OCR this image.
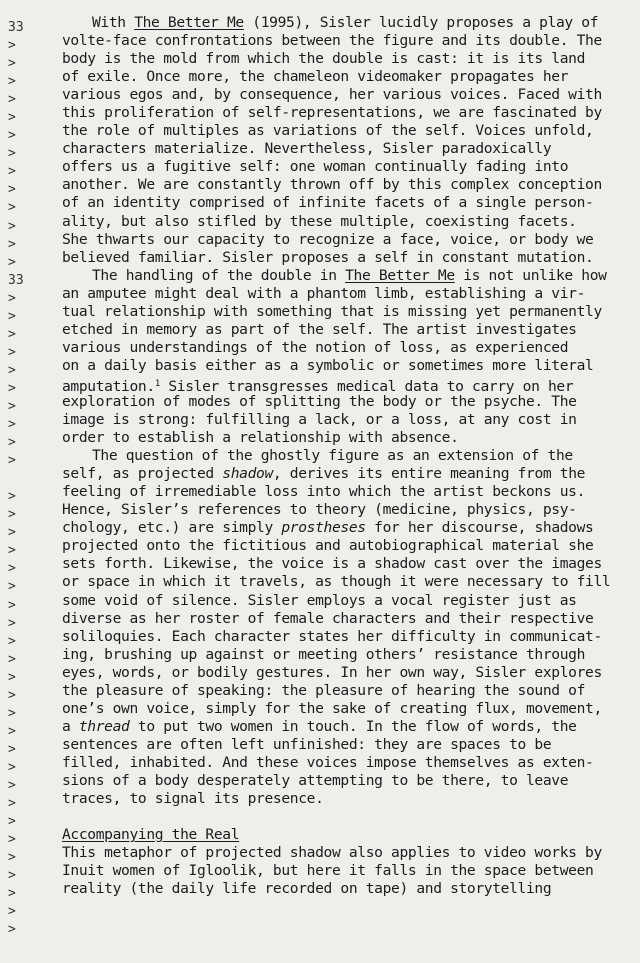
33
>
>
>
>
>
>
>
>
>
>
>
>
>
33
>
>
>
>
>
>
>
>
>
>
>
>
>
>
>
>
>
>
>
>
>
>
>
>
>
>
>
>
>
>
>
>
>
>
>
With The Better Me (1995), Sisler lucidly proposes a play of
volte-face confrontations between the figure and its double. The
body is the mold from which the double is cast: it is its land
of exile. Once more, the chameleon videomaker propagates her
various egos and, by consequence, her various voices. Faced with
this proliferation of self-representations, we are fascinated by
the role of multiples as variations of the self. Voices unfold,
characters materialize. Nevertheless, Sisler paradoxically
offers us a fugitive self: one woman continually fading into
another. We are constantly thrown off by this complex conception
of an identity comprised of infinite facets of a single person-
ality, but also stifled by these multiple, coexisting facets.
She thwarts our capacity to recognize a face, voice, or body we
believed familiar. Sisler proposes a self in constant mutation.
The handling of the double in The Better Me is not unlike how
an amputee might deal with a phantom limb, establishing a vir-
tual relationship with something that is missing yet permanently
etched in memory as part of the self. The artist investigates
various understandings of the notion of loss, as experienced
on a daily basis either as a symbolic or sometimes more literal
amputation.$^1$ Sisler transgresses medical data to carry on her
exploration of modes of splitting the body or the psyche. The
image is strong: fulfilling a lack, or a loss, at any cost in
order to establish a relationship with absence.
The question of the ghostly figure as an extension of the
self, as projected shadow, derives its entire meaning from the
feeling of irremediable loss into which the artist beckons us.
Hence, Sisler’s references to theory (medicine, physics, psy-
chology, etc.) are simply prostheses for her discourse, shadows
projected onto the fictitious and autobiographical material she
sets forth. Likewise, the voice is a shadow cast over the images
or space in which it travels, as though it were necessary to fill
some void of silence. Sisler employs a vocal register just as
diverse as her roster of female characters and their respective
soliloquies. Each character states her difficulty in communicat-
ing, brushing up against or meeting others’ resistance through
eyes, words, or bodily gestures. In her own way, Sisler explores
the pleasure of speaking: the pleasure of hearing the sound of
one’s own voice, simply for the sake of creating flux, movement,
a thread to put two women in touch. In the flow of words, the
sentences are often left unfinished: they are spaces to be
filled, inhabited. And these voices impose themselves as exten-
sions of a body desperately attempting to be there, to leave
traces, to signal its presence.
Accompanying the Real
This metaphor of projected shadow also applies to video works by
Inuit women of Igloolik, but here it falls in the space between
reality (the daily life recorded on tape) and storytelling
